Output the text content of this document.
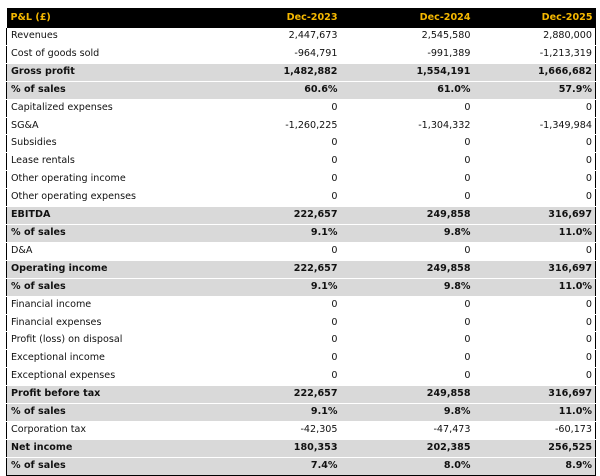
P&L (£)	Dec-2023	Dec-2024	Dec-2025
Revenues	2,447,673	2,545,580	2,880,000
Cost of goods sold	-964,791	-991,389	-1,213,319
Gross profit	1,482,882	1,554,191	1,666,682
% of sales	60.6%	61.0%	57.9%
Capitalized expenses	0	0	0
SG&A	-1,260,225	-1,304,332	-1,349,984
Subsidies	0	0	0
Lease rentals	0	0	0
Other operating income	0	0	0
Other operating expenses	0	0	0
EBITDA	222,657	249,858	316,697
% of sales	9.1%	9.8%	11.0%
D&A	0	0	0
Operating income	222,657	249,858	316,697
% of sales	9.1%	9.8%	11.0%
Financial income	0	0	0
Financial expenses	0	0	0
Profit (loss) on disposal	0	0	0
Exceptional income	0	0	0
Exceptional expenses	0	0	0
Profit before tax	222,657	249,858	316,697
% of sales	9.1%	9.8%	11.0%
Corporation tax	-42,305	-47,473	-60,173
Net income	180,353	202,385	256,525
% of sales	7.4%	8.0%	8.9%
